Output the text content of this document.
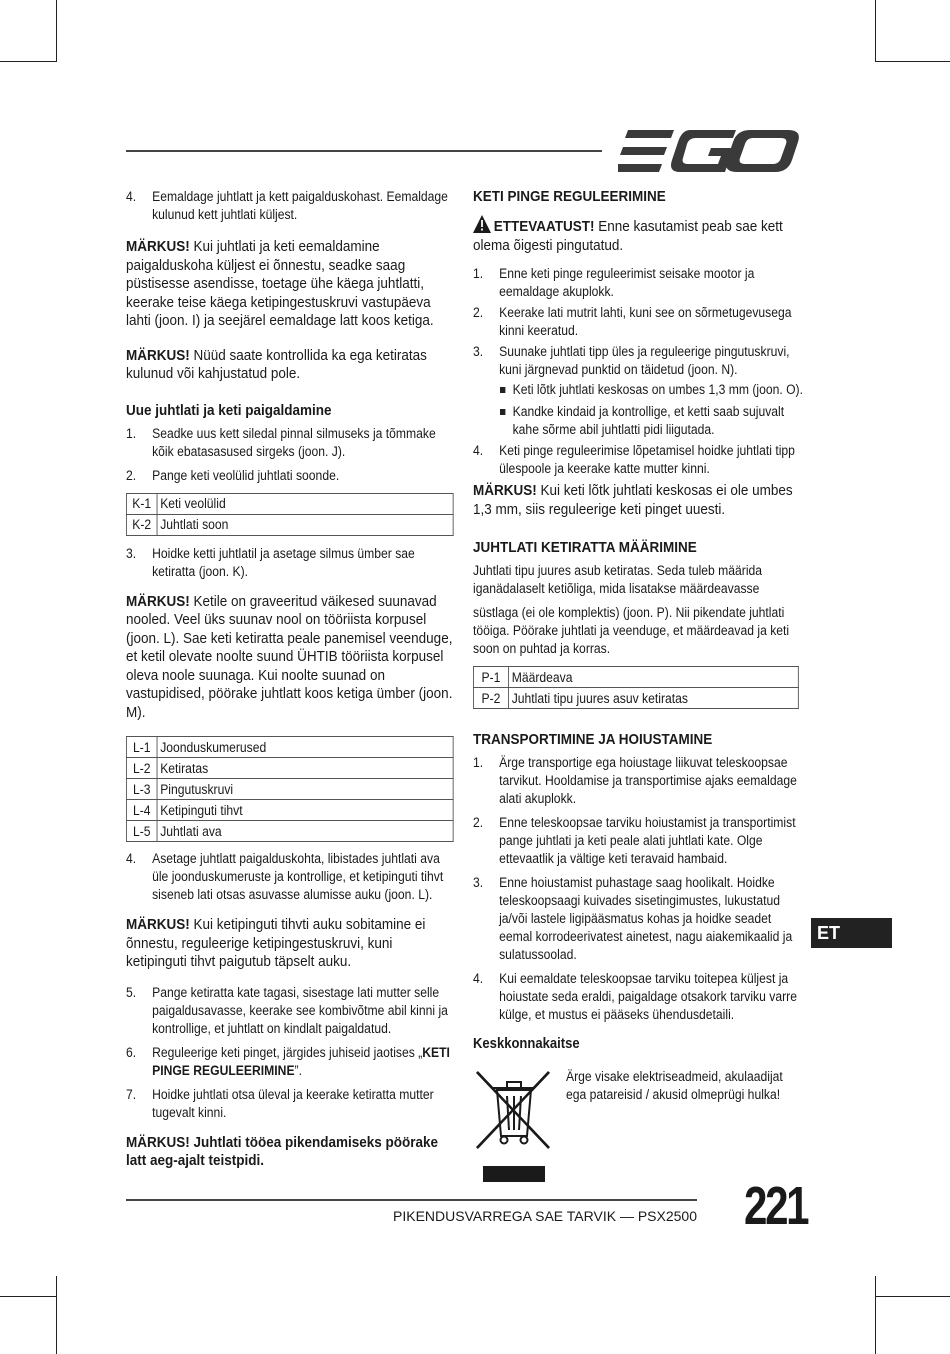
4. Eemaldage juhtlatt ja kett paigalduskohast. Eemaldage kulunud kett juhtlati küljest.

MÄRKUS! Kui juhtlati ja keti eemaldamine paigalduskoha küljest ei õnnestu, seadke saag püstisesse asendisse, toetage ühe käega juhtlatti, keerake teise käega ketipingestuskruvi vastupäeva lahti (joon. I) ja seejärel eemaldage latt koos ketiga.

MÄRKUS! Nüüd saate kontrollida ka ega ketiratas kulunud või kahjustatud pole.

Uue juhtlati ja keti paigaldamine

1. Seadke uus kett siledal pinnal silmuseks ja tõmmake kõik ebatasasused sirgeks (joon. J).
2. Pange keti veolülid juhtlati soonde.
K-1	Keti veolülid
K-2	Juhtlati soon
3. Hoidke ketti juhtlatil ja asetage silmus ümber sae ketiratta (joon. K).

MÄRKUS! Ketile on graveeritud väikesed suunavad nooled. Veel üks suunav nool on tööriista korpusel (joon. L). Sae keti ketiratta peale panemisel veenduge, et ketil olevate noolte suund ÜHTIB tööriista korpusel oleva noole suunaga. Kui noolte suunad on vastupidised, pöörake juhtlatt koos ketiga ümber (joon. M).

L-1	Joonduskumerused
L-2	Ketiratas
L-3	Pingutuskruvi
L-4	Ketipinguti tihvt
L-5	Juhtlati ava
4. Asetage juhtlatt paigalduskohta, libistades juhtlati ava üle joonduskumeruste ja kontrollige, et ketipinguti tihvt siseneb lati otsas asuvasse alumisse auku (joon. L).

MÄRKUS! Kui ketipinguti tihvti auku sobitamine ei õnnestu, reguleerige ketipingestuskruvi, kuni ketipinguti tihvt paigutub täpselt auku.

5. Pange ketiratta kate tagasi, sisestage lati mutter selle paigaldusavasse, keerake see kombivõtme abil kinni ja kontrollige, et juhtlatt on kindlalt paigaldatud.
6. Reguleerige keti pinget, järgides juhiseid jaotises „KETI PINGE REGULEERIMINE”.
7. Hoidke juhtlati otsa üleval ja keerake ketiratta mutter tugevalt kinni.

MÄRKUS! Juhtlati tööea pikendamiseks pöörake latt aeg-ajalt teistpidi.

KETI PINGE REGULEERIMINE

ETTEVAATUST! Enne kasutamist peab sae kett olema õigesti pingutatud.

1. Enne keti pinge reguleerimist seisake mootor ja eemaldage akuplokk.
2. Keerake lati mutrit lahti, kuni see on sõrmetugevusega kinni keeratud.
3. Suunake juhtlati tipp üles ja reguleerige pingutuskruvi, kuni järgnevad punktid on täidetud (joon. N).
Keti lõtk juhtlati keskosas on umbes 1,3 mm (joon. O).
Kandke kindaid ja kontrollige, et ketti saab sujuvalt kahe sõrme abil juhtlatti pidi liigutada.
4. Keti pinge reguleerimise lõpetamisel hoidke juhtlati tipp ülespoole ja keerake katte mutter kinni.

MÄRKUS! Kui keti lõtk juhtlati keskosas ei ole umbes 1,3 mm, siis reguleerige keti pinget uuesti.

JUHTLATI KETIRATTA MÄÄRIMINE

Juhtlati tipu juures asub ketiratas. Seda tuleb määrida iganädalaselt ketiõliga, mida lisatakse määrdeavasse

süstlaga (ei ole komplektis) (joon. P). Nii pikendate juhtlati tööiga. Pöörake juhtlati ja veenduge, et määrdeavad ja keti soon on puhtad ja korras.

P-1	Määrdeava
P-2	Juhtlati tipu juures asuv ketiratas

TRANSPORTIMINE JA HOIUSTAMINE

1. Ärge transportige ega hoiustage liikuvat teleskoopsae tarvikut. Hooldamise ja transportimise ajaks eemaldage alati akuplokk.
2. Enne teleskoopsae tarviku hoiustamist ja transportimist pange juhtlati ja keti peale alati juhtlati kate. Olge ettevaatlik ja vältige keti teravaid hambaid.
3. Enne hoiustamist puhastage saag hoolikalt. Hoidke teleskoopsaagi kuivades sisetingimustes, lukustatud ja/või lastele ligipääsmatus kohas ja hoidke seadet eemal korrodeerivatest ainetest, nagu aiakemikaalid ja sulatussoolad.
4. Kui eemaldate teleskoopsae tarviku toitepea küljest ja hoiustate seda eraldi, paigaldage otsakork tarviku varre külge, et mustus ei pääseks ühendusdetaili.

Keskkonnakaitse

Ärge visake elektriseadmeid, akulaadijat ega patareisid / akusid olmeprügi hulka!
ET
PIKENDUSVARREGA SAE TARVIK — PSX2500 221
